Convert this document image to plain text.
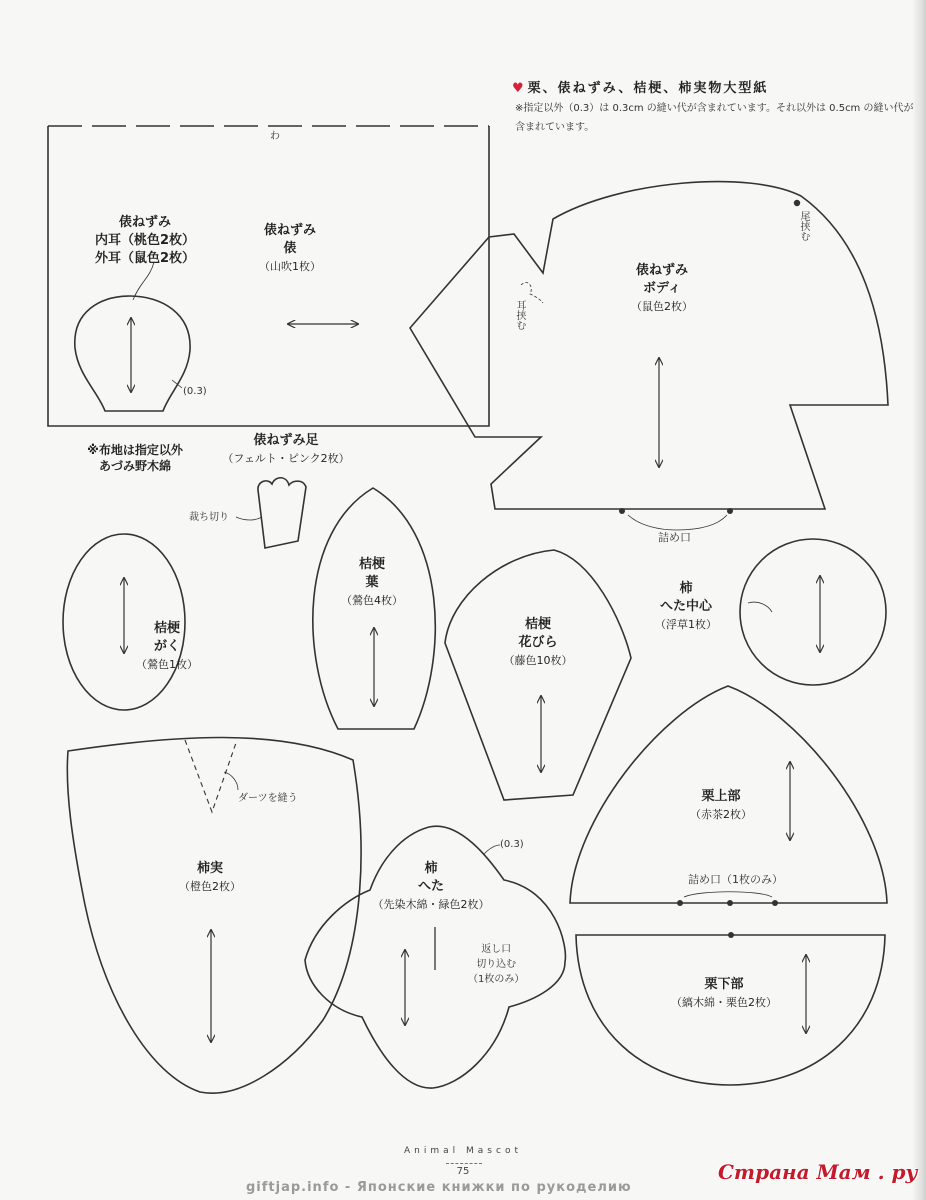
♥ 栗、俵ねずみ、桔梗、柿実物大型紙
※指定以外（0.3）は 0.3cm の縫い代が含まれています。それ以外は 0.5cm の縫い代が含まれています。
わ
俵ねずみ
俵
（山吹1枚）
俵ねずみ
内耳（桃色2枚）
外耳（鼠色2枚）
(0.3)
俵ねずみ
ボディ
（鼠色2枚）
尾挟む
耳挟む
詰め口
※布地は指定以外
あづみ野木綿
俵ねずみ足
（フェルト・ピンク2枚）
裁ち切り
桔梗
がく
（鶯色1枚）
桔梗
葉
（鶯色4枚）
桔梗
花びら
（藤色10枚）
柿
へた中心
（浮草1枚）
栗上部
（赤茶2枚）
詰め口（1枚のみ）
栗下部
（縞木綿・栗色2枚）
柿実
（橙色2枚）
ダーツを縫う
柿
へた
（先染木綿・緑色2枚）
(0.3)
返し口
切り込む
（1枚のみ）
Animal Mascot
75
giftjap.info - Японские книжки по рукоделию
Страна Мам . ру
